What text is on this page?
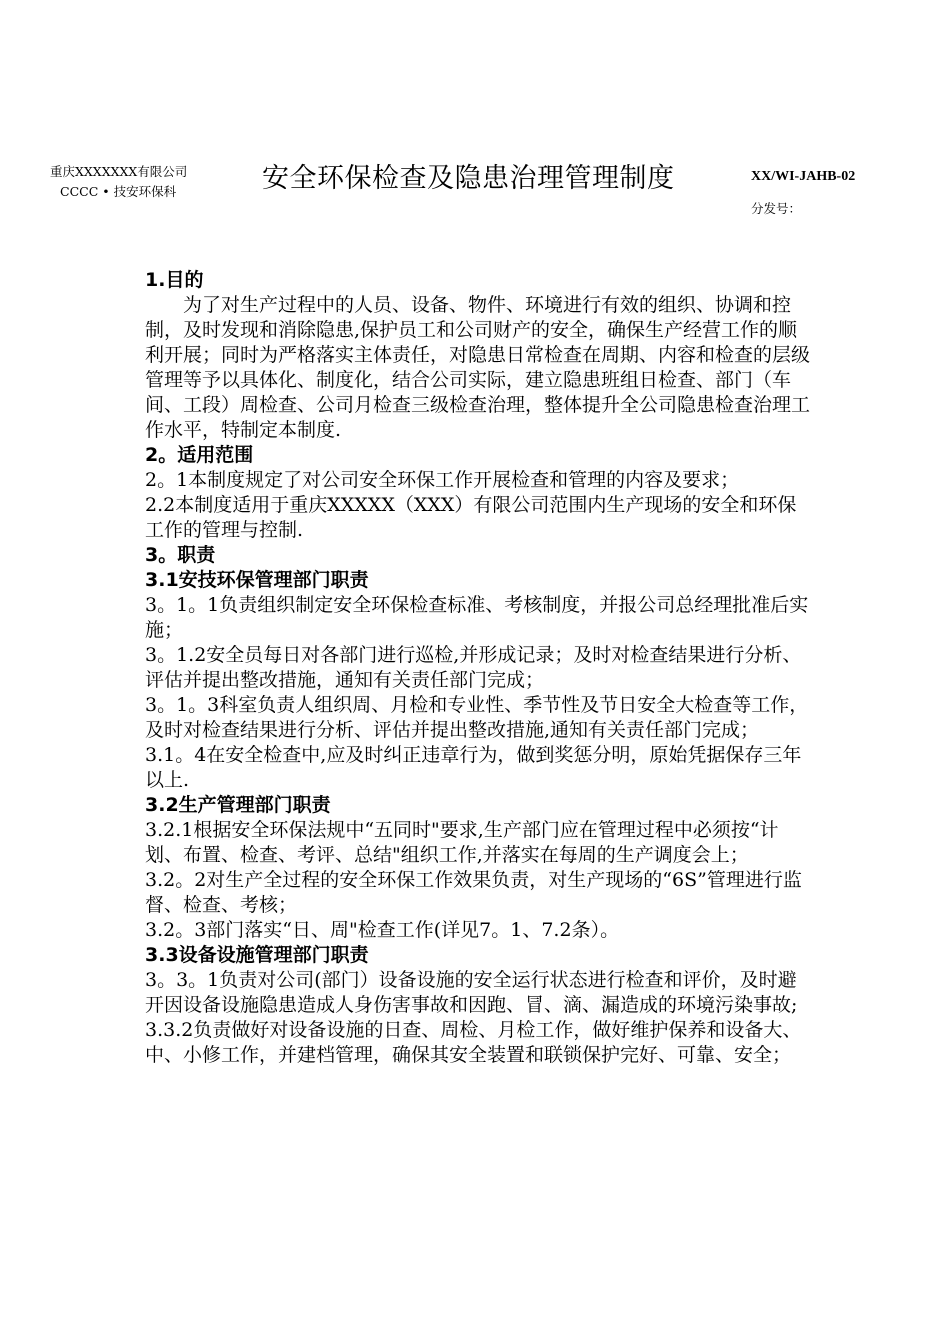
重庆XXXXXXX有限公司
CCCC • 技安环保科	安全环保检查及隐患治理管理制度	XX/WI-JAHB-02
分发号：

1.目的

为了对生产过程中的人员、设备、物件、环境进行有效的组织、协调和控制，及时发现和消除隐患,保护员工和公司财产的安全，确保生产经营工作的顺利开展；同时为严格落实主体责任，对隐患日常检查在周期、内容和检查的层级管理等予以具体化、制度化，结合公司实际，建立隐患班组日检查、部门（车间、工段）周检查、公司月检查三级检查治理，整体提升全公司隐患检查治理工作水平，特制定本制度.

2。适用范围

2。1本制度规定了对公司安全环保工作开展检查和管理的内容及要求；

2.2本制度适用于重庆XXXXX（XXX）有限公司范围内生产现场的安全和环保工作的管理与控制.

3。职责

3.1安技环保管理部门职责

3。1。1负责组织制定安全环保检查标准、考核制度，并报公司总经理批准后实施；

3。1.2安全员每日对各部门进行巡检,并形成记录；及时对检查结果进行分析、评估并提出整改措施，通知有关责任部门完成；

3。1。3科室负责人组织周、月检和专业性、季节性及节日安全大检查等工作，及时对检查结果进行分析、评估并提出整改措施,通知有关责任部门完成；

3.1。4在安全检查中,应及时纠正违章行为，做到奖惩分明，原始凭据保存三年以上.

3.2生产管理部门职责

3.2.1根据安全环保法规中“五同时"要求,生产部门应在管理过程中必须按“计划、布置、检查、考评、总结"组织工作,并落实在每周的生产调度会上；

3.2。2对生产全过程的安全环保工作效果负责，对生产现场的“6S”管理进行监督、检查、考核；

3.2。3部门落实“日、周"检查工作(详见7。1、7.2条）。

3.3设备设施管理部门职责

3。3。1负责对公司(部门）设备设施的安全运行状态进行检查和评价，及时避开因设备设施隐患造成人身伤害事故和因跑、冒、滴、漏造成的环境污染事故;

3.3.2负责做好对设备设施的日查、周检、月检工作，做好维护保养和设备大、中、小修工作，并建档管理，确保其安全装置和联锁保护完好、可靠、安全；
